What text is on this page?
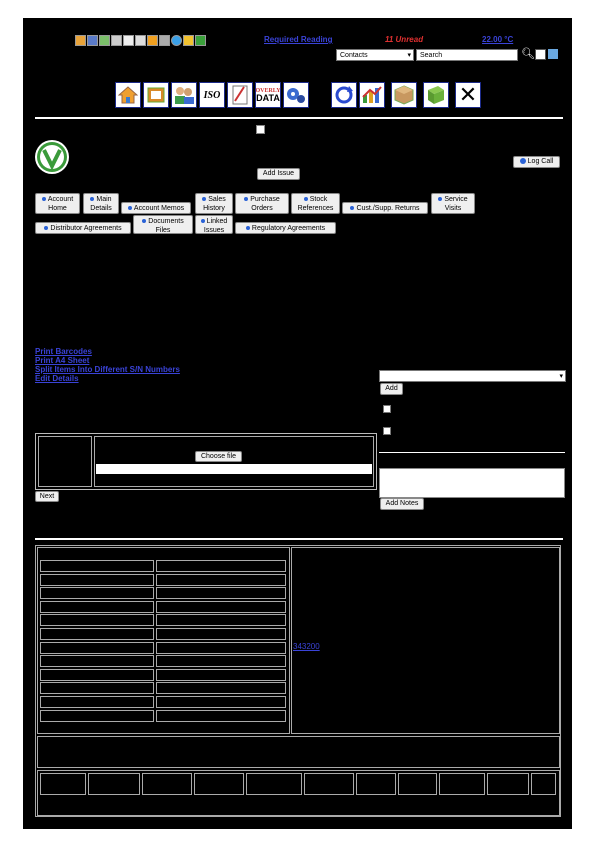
Required Reading	11 Unread	22.00 °C
Contacts	▾	Search	🔍︎
ISO	OVERLY
DATA	✕
Log Call
Add Issue
Account
Home
Main
Details	Account Memos
Sales
History
Purchase
Orders
Stock
References	Cust./Supp. Returns
Service
Visits
Distributor Agreements
Documents
Files
Linked
Issues	Regulatory Agreements
Print Barcodes
Print A4 Sheet
Split Items Into Different S/N Numbers
Edit Details	▾
Add
Add Notes
Choose file
Next
343200
